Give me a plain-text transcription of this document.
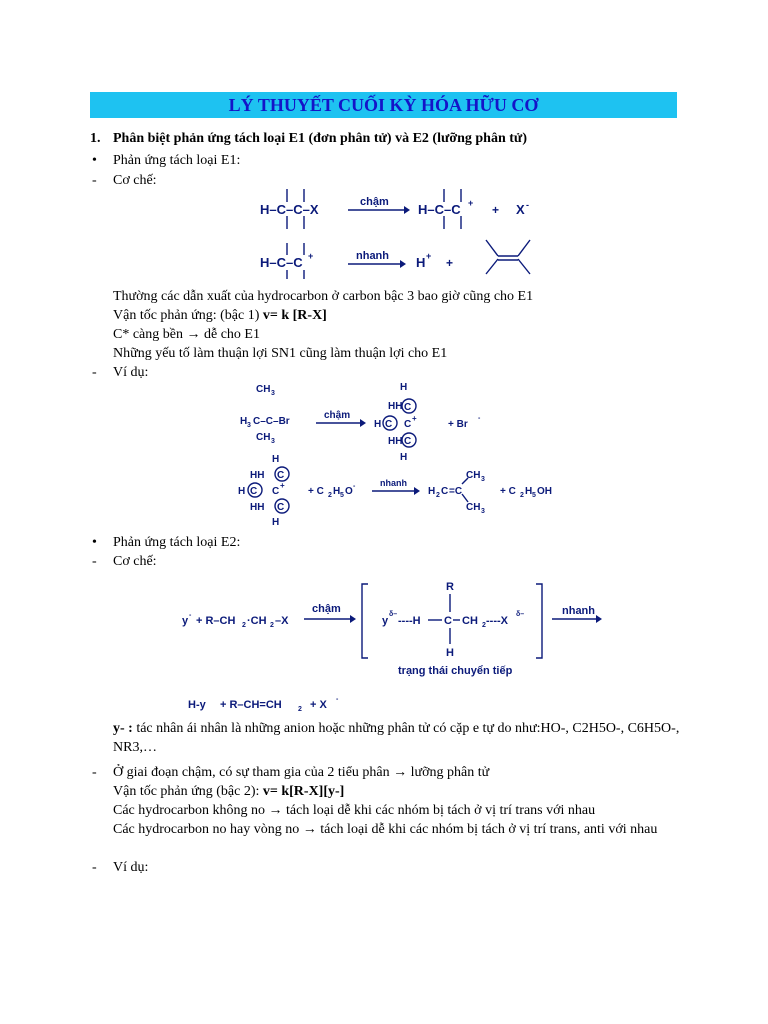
LÝ THUYẾT CUỐI KỲ HÓA HỮU CƠ
1. Phân biệt phản ứng tách loại E1 (đơn phân tử) và E2 (lưỡng phân tử)
• Phản ứng tách loại E1:
- Cơ chế:
H–C–C–X	chậm H–C–C + + X -
H–C–C +	nhanh H + +
Thường các dẫn xuất của hydrocarbon ở carbon bậc 3 bao giờ cũng cho E1
Vận tốc phản ứng: (bậc 1) v= k [R-X]
C* càng bền → dễ cho E1
Những yếu tố làm thuận lợi SN1 cũng làm thuận lợi cho E1
- Ví dụ:
CH 3
H 3 C–C–Br
CH 3
chậm
H
HH C
H C C
+
HH C
H
+ Br
-
H
HH C
H C C
+
HH C
H
+ C 2 H 5 O -	nhanh
H 2 C =C
CH 3
CH 3
+ C 2 H 5 OH
• Phản ứng tách loại E2:
- Cơ chế:
y - + R–CH 2 ·CH 2 –X
chậm
R
y
δ–
----H C CH 2 ----X
δ–
H
nhanh
trạng thái chuyển tiếp
H-y + R–CH=CH 2 + X -
y- : tác nhân ái nhân là những anion hoặc những phân tử có cặp e tự do như:HO-, C2H5O-, C6H5O-, NR3,…
- Ở giai đoạn chậm, có sự tham gia của 2 tiểu phân → lưỡng phân tử
Vận tốc phản ứng (bậc 2): v= k[R-X][y-]
Các hydrocarbon không no → tách loại dễ khi các nhóm bị tách ở vị trí trans với nhau
Các hydrocarbon no hay vòng no → tách loại dễ khi các nhóm bị tách ở vị trí trans, anti với nhau
- Ví dụ:
